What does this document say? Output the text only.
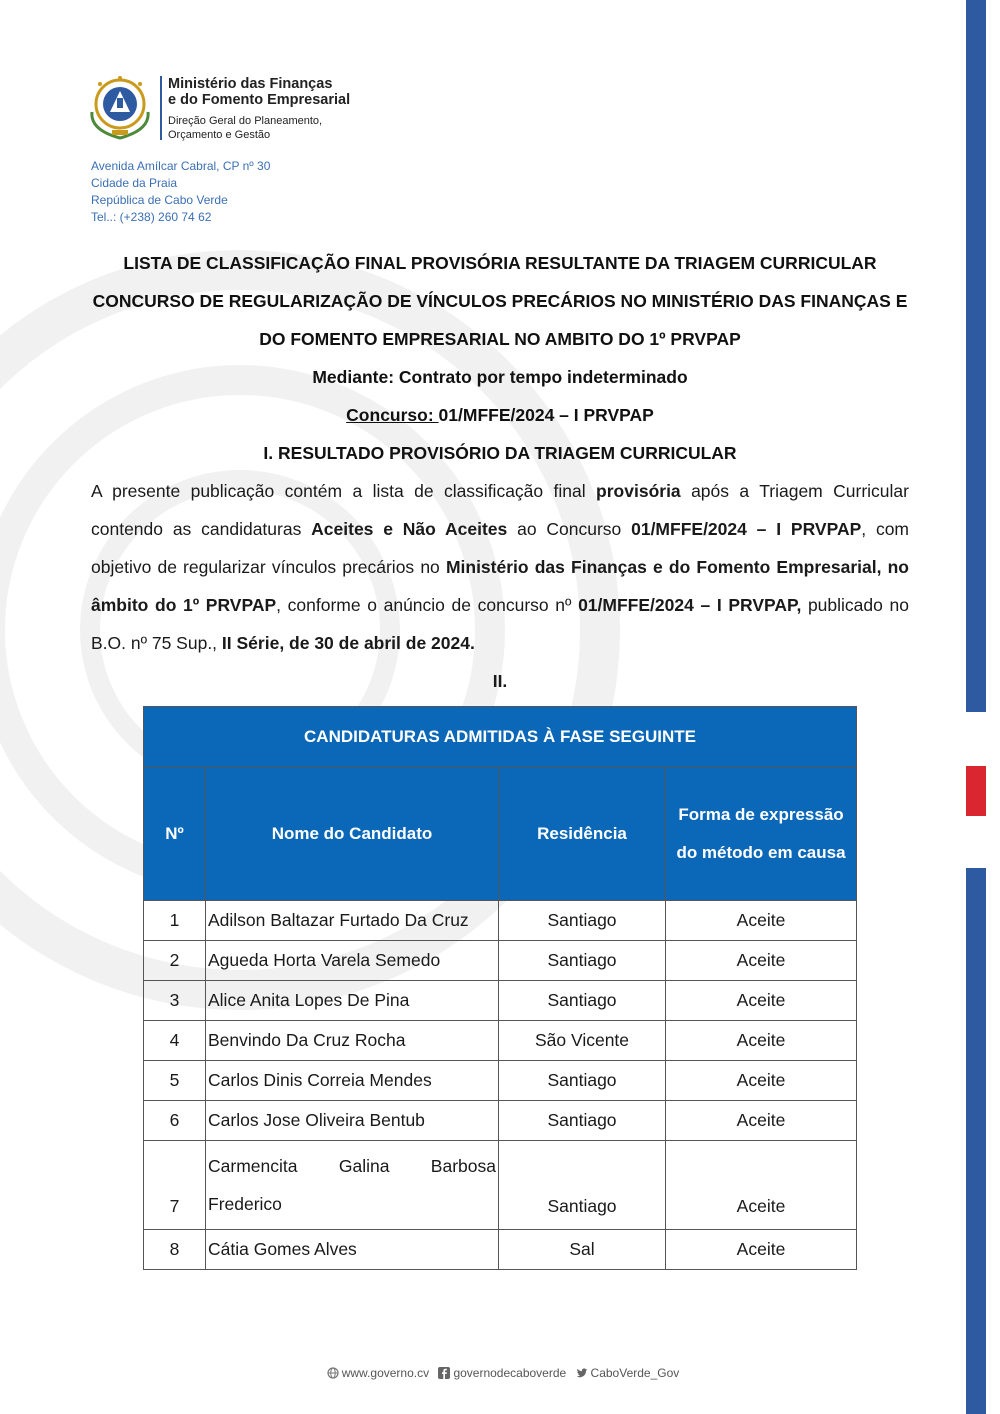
Ministério das Finanças
e do Fomento Empresarial
Direção Geral do Planeamento,
Orçamento e Gestão
Avenida Amílcar Cabral, CP nº 30
Cidade da Praia
República de Cabo Verde
Tel..: (+238) 260 74 62
LISTA DE CLASSIFICAÇÃO FINAL PROVISÓRIA RESULTANTE DA TRIAGEM CURRICULAR
CONCURSO DE REGULARIZAÇÃO DE VÍNCULOS PRECÁRIOS NO MINISTÉRIO DAS FINANÇAS E
DO FOMENTO EMPRESARIAL NO AMBITO DO 1º PRVPAP
Mediante: Contrato por tempo indeterminado
Concurso: 01/MFFE/2024 – I PRVPAP
I. RESULTADO PROVISÓRIO DA TRIAGEM CURRICULAR
A presente publicação contém a lista de classificação final provisória após a Triagem Curricular contendo as candidaturas Aceites e Não Aceites ao Concurso 01/MFFE/2024 – I PRVPAP, com objetivo de regularizar vínculos precários no Ministério das Finanças e do Fomento Empresarial, no âmbito do 1º PRVPAP, conforme o anúncio de concurso nº 01/MFFE/2024 – I PRVPAP, publicado no B.O. nº 75 Sup., II Série, de 30 de abril de 2024.
II.
CANDIDATURAS ADMITIDAS À FASE SEGUINTE			
Nº	Nome do Candidato	Residência	Forma de expressão do método em causa
1	Adilson Baltazar Furtado Da Cruz	Santiago	Aceite
2	Agueda Horta Varela Semedo	Santiago	Aceite
3	Alice Anita Lopes De Pina	Santiago	Aceite
4	Benvindo Da Cruz Rocha	São Vicente	Aceite
5	Carlos Dinis Correia Mendes	Santiago	Aceite
6	Carlos Jose Oliveira Bentub	Santiago	Aceite
7	Carmencita Galina Barbosa
Frederico	Santiago	Aceite
8	Cátia Gomes Alves	Sal	Aceite
www.governo.cv governodecaboverde CaboVerde_Gov
